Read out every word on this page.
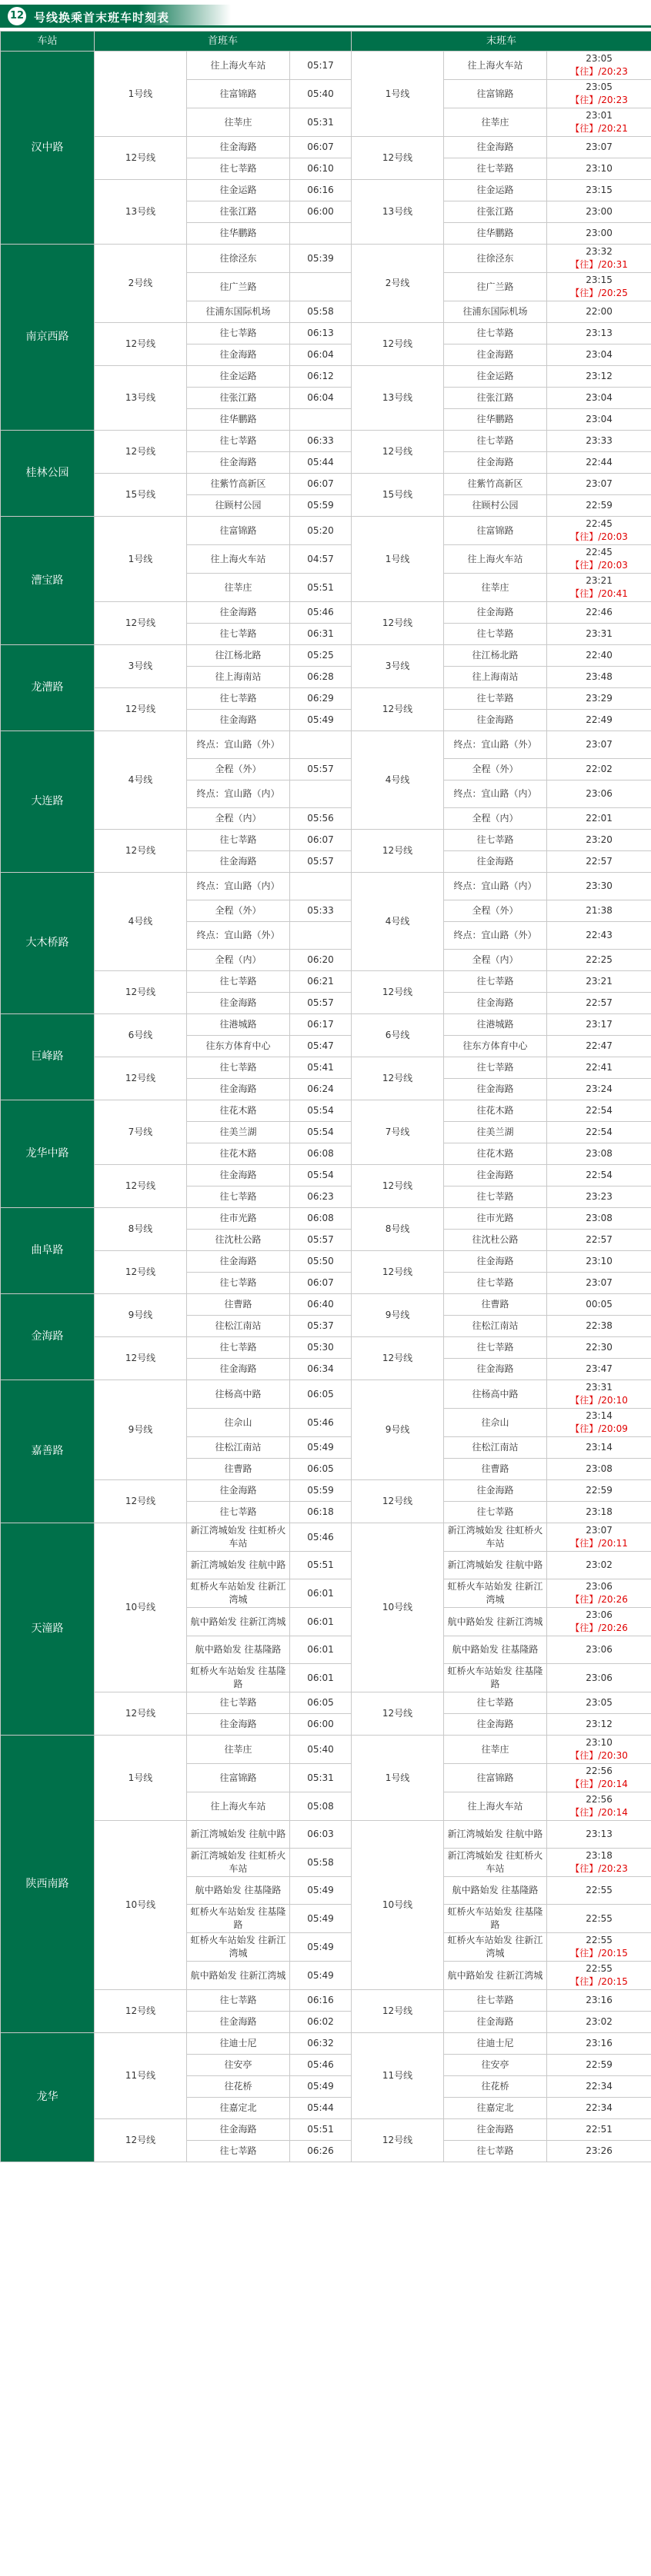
12 号线换乘首末班车时刻表
车站	首班车			末班车		
汉中路	1号线	往上海火车站	05:17	1号线	往上海火车站	23:05
【往】/20:23

		往富锦路	05:40		往富锦路	23:05
【往】/20:23

		往莘庄	05:31		往莘庄	23:01
【往】/20:21

	12号线	往金海路	06:07	12号线	往金海路	23:07
		往七莘路	06:10		往七莘路	23:10
	13号线	往金运路	06:16	13号线	往金运路	23:15
		往张江路	06:00		往张江路	23:00
		往华鹏路			往华鹏路	23:00
南京西路	2号线	往徐泾东	05:39	2号线	往徐泾东	23:32
【往】/20:31

		往广兰路			往广兰路	23:15
【往】/20:25

		往浦东国际机场	05:58		往浦东国际机场	22:00
	12号线	往七莘路	06:13	12号线	往七莘路	23:13
		往金海路	06:04		往金海路	23:04
	13号线	往金运路	06:12	13号线	往金运路	23:12
		往张江路	06:04		往张江路	23:04
		往华鹏路			往华鹏路	23:04
桂林公园	12号线	往七莘路	06:33	12号线	往七莘路	23:33
		往金海路	05:44		往金海路	22:44
	15号线	往紫竹高新区	06:07	15号线	往紫竹高新区	23:07
		往顾村公园	05:59		往顾村公园	22:59
漕宝路	1号线	往富锦路	05:20	1号线	往富锦路	22:45
【往】/20:03

		往上海火车站	04:57		往上海火车站	22:45
【往】/20:03

		往莘庄	05:51		往莘庄	23:21
【往】/20:41

	12号线	往金海路	05:46	12号线	往金海路	22:46
		往七莘路	06:31		往七莘路	23:31
龙漕路	3号线	往江杨北路	05:25	3号线	往江杨北路	22:40
		往上海南站	06:28		往上海南站	23:48
	12号线	往七莘路	06:29	12号线	往七莘路	23:29
		往金海路	05:49		往金海路	22:49
大连路	4号线	终点：宜山路（外）		4号线	终点：宜山路（外）	23:07
		全程（外）	05:57		全程（外）	22:02
		终点：宜山路（内）			终点：宜山路（内）	23:06
		全程（内）	05:56		全程（内）	22:01
	12号线	往七莘路	06:07	12号线	往七莘路	23:20
		往金海路	05:57		往金海路	22:57
大木桥路	4号线	终点：宜山路（内）		4号线	终点：宜山路（内）	23:30
		全程（外）	05:33		全程（外）	21:38
		终点：宜山路（外）			终点：宜山路（外）	22:43
		全程（内）	06:20		全程（内）	22:25
	12号线	往七莘路	06:21	12号线	往七莘路	23:21
		往金海路	05:57		往金海路	22:57
巨峰路	6号线	往港城路	06:17	6号线	往港城路	23:17
		往东方体育中心	05:47		往东方体育中心	22:47
	12号线	往七莘路	05:41	12号线	往七莘路	22:41
		往金海路	06:24		往金海路	23:24
龙华中路	7号线	往花木路	05:54	7号线	往花木路	22:54
		往美兰湖	05:54		往美兰湖	22:54
		往花木路	06:08		往花木路	23:08
	12号线	往金海路	05:54	12号线	往金海路	22:54
		往七莘路	06:23		往七莘路	23:23
曲阜路	8号线	往市光路	06:08	8号线	往市光路	23:08
		往沈杜公路	05:57		往沈杜公路	22:57
	12号线	往金海路	05:50	12号线	往金海路	23:10
		往七莘路	06:07		往七莘路	23:07
金海路	9号线	往曹路	06:40	9号线	往曹路	00:05
		往松江南站	05:37		往松江南站	22:38
	12号线	往七莘路	05:30	12号线	往七莘路	22:30
		往金海路	06:34		往金海路	23:47
嘉善路	9号线	往杨高中路	06:05	9号线	往杨高中路	23:31
【往】/20:10

		往佘山	05:46		往佘山	23:14
【往】/20:09

		往松江南站	05:49		往松江南站	23:14
		往曹路	06:05		往曹路	23:08
	12号线	往金海路	05:59	12号线	往金海路	22:59
		往七莘路	06:18		往七莘路	23:18
天潼路	10号线	新江湾城始发 往虹桥火车站	05:46	10号线	新江湾城始发 往虹桥火车站	23:07
【往】/20:11

		新江湾城始发 往航中路	05:51		新江湾城始发 往航中路	23:02
		虹桥火车站始发 往新江湾城	06:01		虹桥火车站始发 往新江湾城	23:06
【往】/20:26

		航中路始发 往新江湾城	06:01		航中路始发 往新江湾城	23:06
【往】/20:26

		航中路始发 往基隆路	06:01		航中路始发 往基隆路	23:06
		虹桥火车站始发 往基隆路	06:01		虹桥火车站始发 往基隆路	23:06
	12号线	往七莘路	06:05	12号线	往七莘路	23:05
		往金海路	06:00		往金海路	23:12
陕西南路	1号线	往莘庄	05:40	1号线	往莘庄	23:10
【往】/20:30

		往富锦路	05:31		往富锦路	22:56
【往】/20:14

		往上海火车站	05:08		往上海火车站	22:56
【往】/20:14

	10号线	新江湾城始发 往航中路	06:03	10号线	新江湾城始发 往航中路	23:13
		新江湾城始发 往虹桥火车站	05:58		新江湾城始发 往虹桥火车站	23:18
【往】/20:23

		航中路始发 往基隆路	05:49		航中路始发 往基隆路	22:55
		虹桥火车站始发 往基隆路	05:49		虹桥火车站始发 往基隆路	22:55
		虹桥火车站始发 往新江湾城	05:49		虹桥火车站始发 往新江湾城	22:55
【往】/20:15

		航中路始发 往新江湾城	05:49		航中路始发 往新江湾城	22:55
【往】/20:15

	12号线	往七莘路	06:16	12号线	往七莘路	23:16
		往金海路	06:02		往金海路	23:02
龙华	11号线	往迪士尼	06:32	11号线	往迪士尼	23:16
		往安亭	05:46		往安亭	22:59
		往花桥	05:49		往花桥	22:34
		往嘉定北	05:44		往嘉定北	22:34
	12号线	往金海路	05:51	12号线	往金海路	22:51
		往七莘路	06:26		往七莘路	23:26
